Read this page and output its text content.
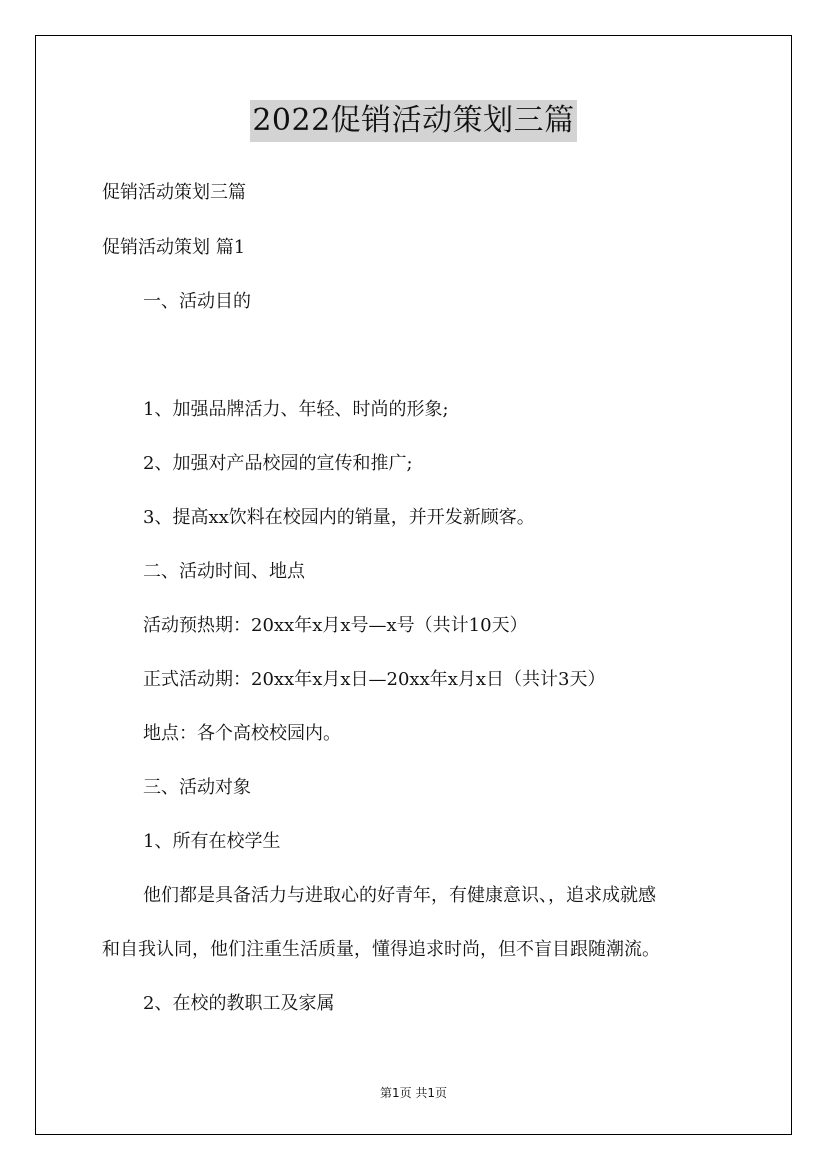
2022促销活动策划三篇
促销活动策划三篇
促销活动策划 篇1
一、活动目的
1、加强品牌活力、年轻、时尚的形象;
2、加强对产品校园的宣传和推广;
3、提高xx饮料在校园内的销量，并开发新顾客。
二、活动时间、地点
活动预热期：20xx年x月x号—x号（共计10天）
正式活动期：20xx年x月x日—20xx年x月x日（共计3天）
地点：各个高校校园内。
三、活动对象
1、所有在校学生
他们都是具备活力与进取心的好青年，有健康意识、，追求成就感
和自我认同，他们注重生活质量，懂得追求时尚，但不盲目跟随潮流。
2、在校的教职工及家属
第1页 共1页
